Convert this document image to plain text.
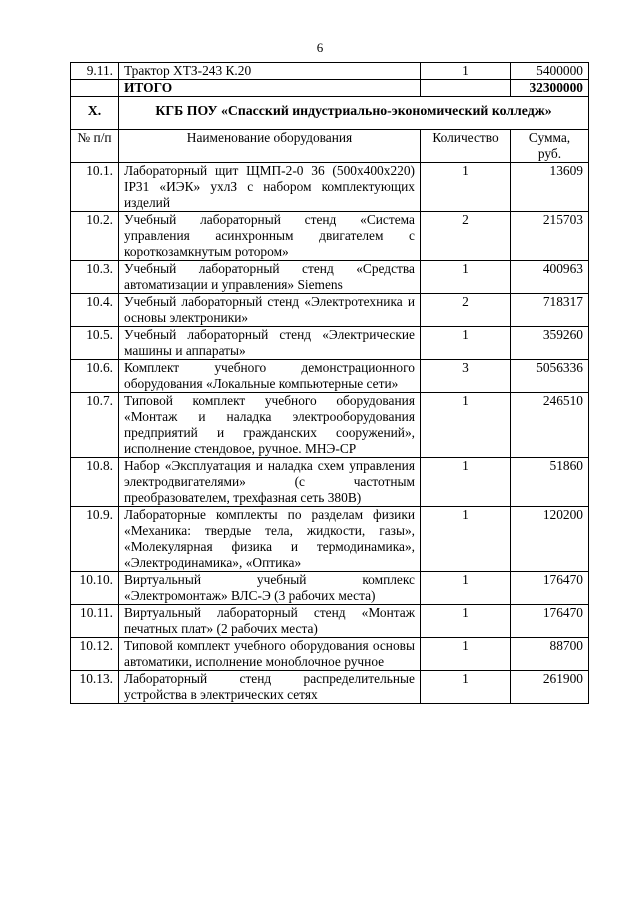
6
9.11.	Трактор ХТЗ-243 К.20	1	5400000
	ИТОГО		32300000
X.	КГБ ПОУ «Спасский индустриально-экономический колледж»		
№ п/п	Наименование оборудования	Количество	Сумма, руб.
10.1.	Лабораторный щит ЩМП-2-0 36 (500х400х220) IP31 «ИЭК» ухлЗ с набором комплектующих изделий	1	13609
10.2.	Учебный лабораторный стенд «Система управления асинхронным двигателем с короткозамкнутым ротором»	2	215703
10.3.	Учебный лабораторный стенд «Средства автоматизации и управления» Siemens	1	400963
10.4.	Учебный лабораторный стенд «Электротехника и основы электроники»	2	718317
10.5.	Учебный лабораторный стенд «Электрические машины и аппараты»	1	359260
10.6.	Комплект учебного демонстрационного оборудования «Локальные компьютерные сети»	3	5056336
10.7.	Типовой комплект учебного оборудования «Монтаж и наладка электрооборудования предприятий и гражданских сооружений», исполнение стендовое, ручное. МНЭ-СР	1	246510
10.8.	Набор «Эксплуатация и наладка схем управления электродвигателями» (с частотным преобразователем, трехфазная сеть 380В)	1	51860
10.9.	Лабораторные комплекты по разделам физики «Механика: твердые тела, жидкости, газы», «Молекулярная физика и термодинамика», «Электродинамика», «Оптика»	1	120200
10.10.	Виртуальный учебный комплекс «Электромонтаж» ВЛС-Э (3 рабочих места)	1	176470
10.11.	Виртуальный лабораторный стенд «Монтаж печатных плат» (2 рабочих места)	1	176470
10.12.	Типовой комплект учебного оборудования основы автоматики, исполнение моноблочное ручное	1	88700
10.13.	Лабораторный стенд распределительные устройства в электрических сетях	1	261900
